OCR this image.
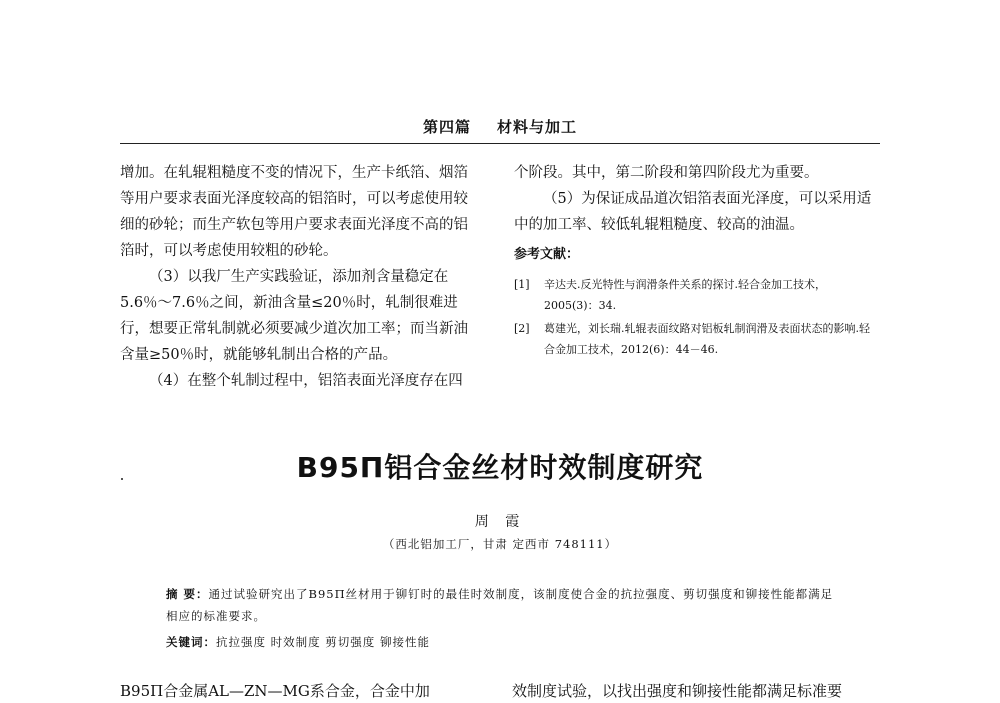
第四篇 材料与加工

增加。在轧辊粗糙度不变的情况下，生产卡纸箔、烟箔等用户要求表面光泽度较高的铝箔时，可以考虑使用较细的砂轮；而生产软包等用户要求表面光泽度不高的铝箔时，可以考虑使用较粗的砂轮。

（3）以我厂生产实践验证，添加剂含量稳定在5.6％～7.6％之间，新油含量≤20％时，轧制很难进行，想要正常轧制就必须要减少道次加工率；而当新油含量≥50％时，就能够轧制出合格的产品。

（4）在整个轧制过程中，铝箔表面光泽度存在四

个阶段。其中，第二阶段和第四阶段尤为重要。

（5）为保证成品道次铝箔表面光泽度，可以采用适中的加工率、较低轧辊粗糙度、较高的油温。

参考文献：
[1]	辛达夫.反光特性与润滑条件关系的探讨.轻合金加工技术，2005(3)：34.
[2]	葛建光，刘长瑞.轧辊表面纹路对铝板轧制润滑及表面状态的影响.轻合金加工技术，2012(6)：44－46.
B95П铝合金丝材时效制度研究
周 霞
（西北铝加工厂，甘肃 定西市 748111）

摘 要：通过试验研究出了B95П丝材用于铆钉时的最佳时效制度，该制度使合金的抗拉强度、剪切强度和铆接性能都满足相应的标准要求。

关键词：抗拉强度 时效制度 剪切强度 铆接性能

B95П合金属AL—ZN—MG系合金，合金中加	效制度试验，以找出强度和铆接性能都满足标准要
